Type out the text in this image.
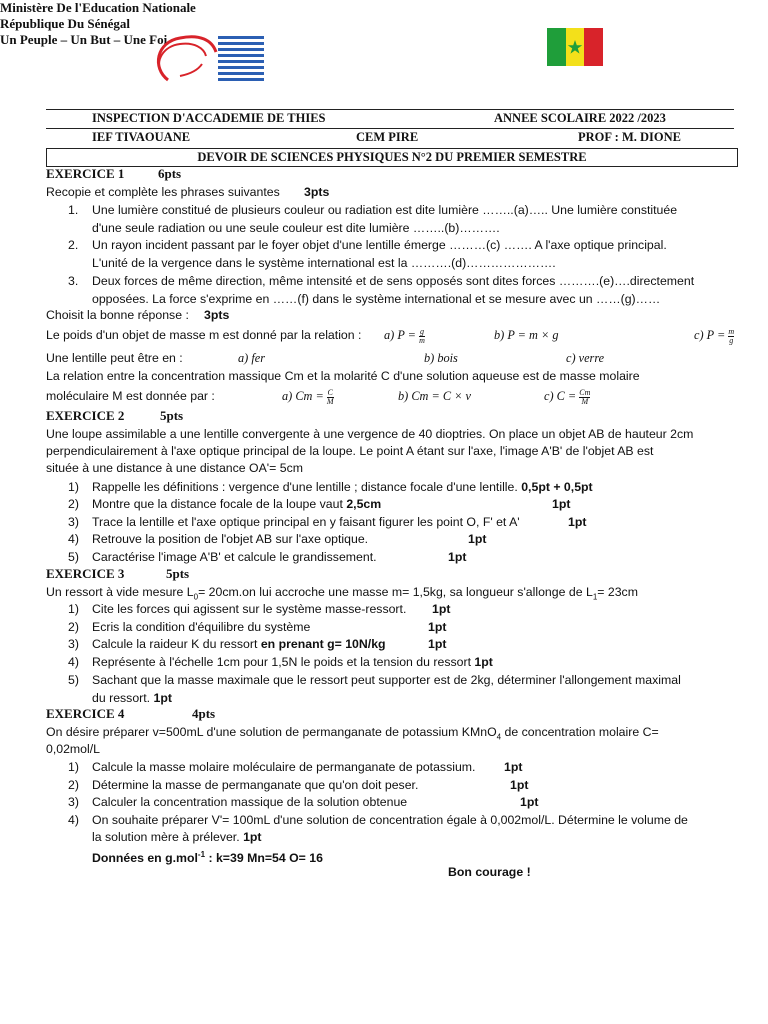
Ministère De l'Education Nationale
République Du Sénégal
Un Peuple – Un But – Une Foi
INSPECTION D'ACCADEMIE DE THIES	ANNEE SCOLAIRE 2022 /2023
IEF TIVAOUANE	CEM PIRE	PROF : M. DIONE
DEVOIR DE SCIENCES PHYSIQUES N°2 DU PREMIER SEMESTRE
EXERCICE 1	6pts
Recopie et complète les phrases suivantes 3pts
1. Une lumière constitué de plusieurs couleur ou radiation est dite lumière ……..(a)….. Une lumière constituée
d'une seule radiation ou une seule couleur est dite lumière ……..(b)……….
2. Un rayon incident passant par le foyer objet d'une lentille émerge ………(c) ……. A l'axe optique principal.
L'unité de la vergence dans le système international est la ……….(d)………………….
3. Deux forces de même direction, même intensité et de sens opposés sont dites forces ……….(e)….directement
opposées. La force s'exprime en ……(f) dans le système international et se mesure avec un ……(g)……
Choisit la bonne réponse : 3pts
Le poids d'un objet de masse m est donné par la relation : a) $P = \frac{g}{m}$	b) P = m × g	c) $P = \frac{m}{g}$
Une lentille peut être en :	a) fer	b) bois	c) verre
La relation entre la concentration massique Cm et la molarité C d'une solution aqueuse est de masse molaire
moléculaire M est donnée par :	a) $Cm = \frac{C}{M}$	b) Cm = C × v	c) $C = \frac{Cm}{M}$
EXERCICE 2	5pts
Une loupe assimilable a une lentille convergente à une vergence de 40 dioptries. On place un objet AB de hauteur 2cm
perpendiculairement à l'axe optique principal de la loupe. Le point A étant sur l'axe, l'image A'B' de l'objet AB est
située à une distance à une distance OA'= 5cm
1) Rappelle les définitions : vergence d'une lentille ; distance focale d'une lentille. 0,5pt + 0,5pt
2) Montre que la distance focale de la loupe vaut 2,5cm	1pt
3) Trace la lentille et l'axe optique principal en y faisant figurer les point O, F' et A'	1pt
4) Retrouve la position de l'objet AB sur l'axe optique.	1pt
5) Caractérise l'image A'B' et calcule le grandissement.	1pt
EXERCICE 3	5pts
Un ressort à vide mesure $L_0= 20cm.on$ lui accroche une masse m= 1,5kg, sa longueur s'allonge de $L_1= 23cm$
1) Cite les forces qui agissent sur le système masse-ressort. 1pt
2) Ecris la condition d'équilibre du système	1pt
3) Calcule la raideur K du ressort en prenant g= 10N/kg	1pt
4) Représente à l'échelle 1cm pour 1,5N le poids et la tension du ressort 1pt
5) Sachant que la masse maximale que le ressort peut supporter est de 2kg, déterminer l'allongement maximal
du ressort. 1pt
EXERCICE 4	4pts
On désire préparer v=500mL d'une solution de permanganate de potassium KMnO$_4$ de concentration molaire C=
0,02mol/L
1) Calcule la masse molaire moléculaire de permanganate de potassium. 1pt
2) Détermine la masse de permanganate que qu'on doit peser.	1pt
3) Calculer la concentration massique de la solution obtenue	1pt
4) On souhaite préparer V'= 100mL d'une solution de concentration égale à 0,002mol/L. Détermine le volume de
la solution mère à prélever. 1pt
Données en g.mol$^{-1}$ : k=39 Mn=54 O= 16
Bon courage !
